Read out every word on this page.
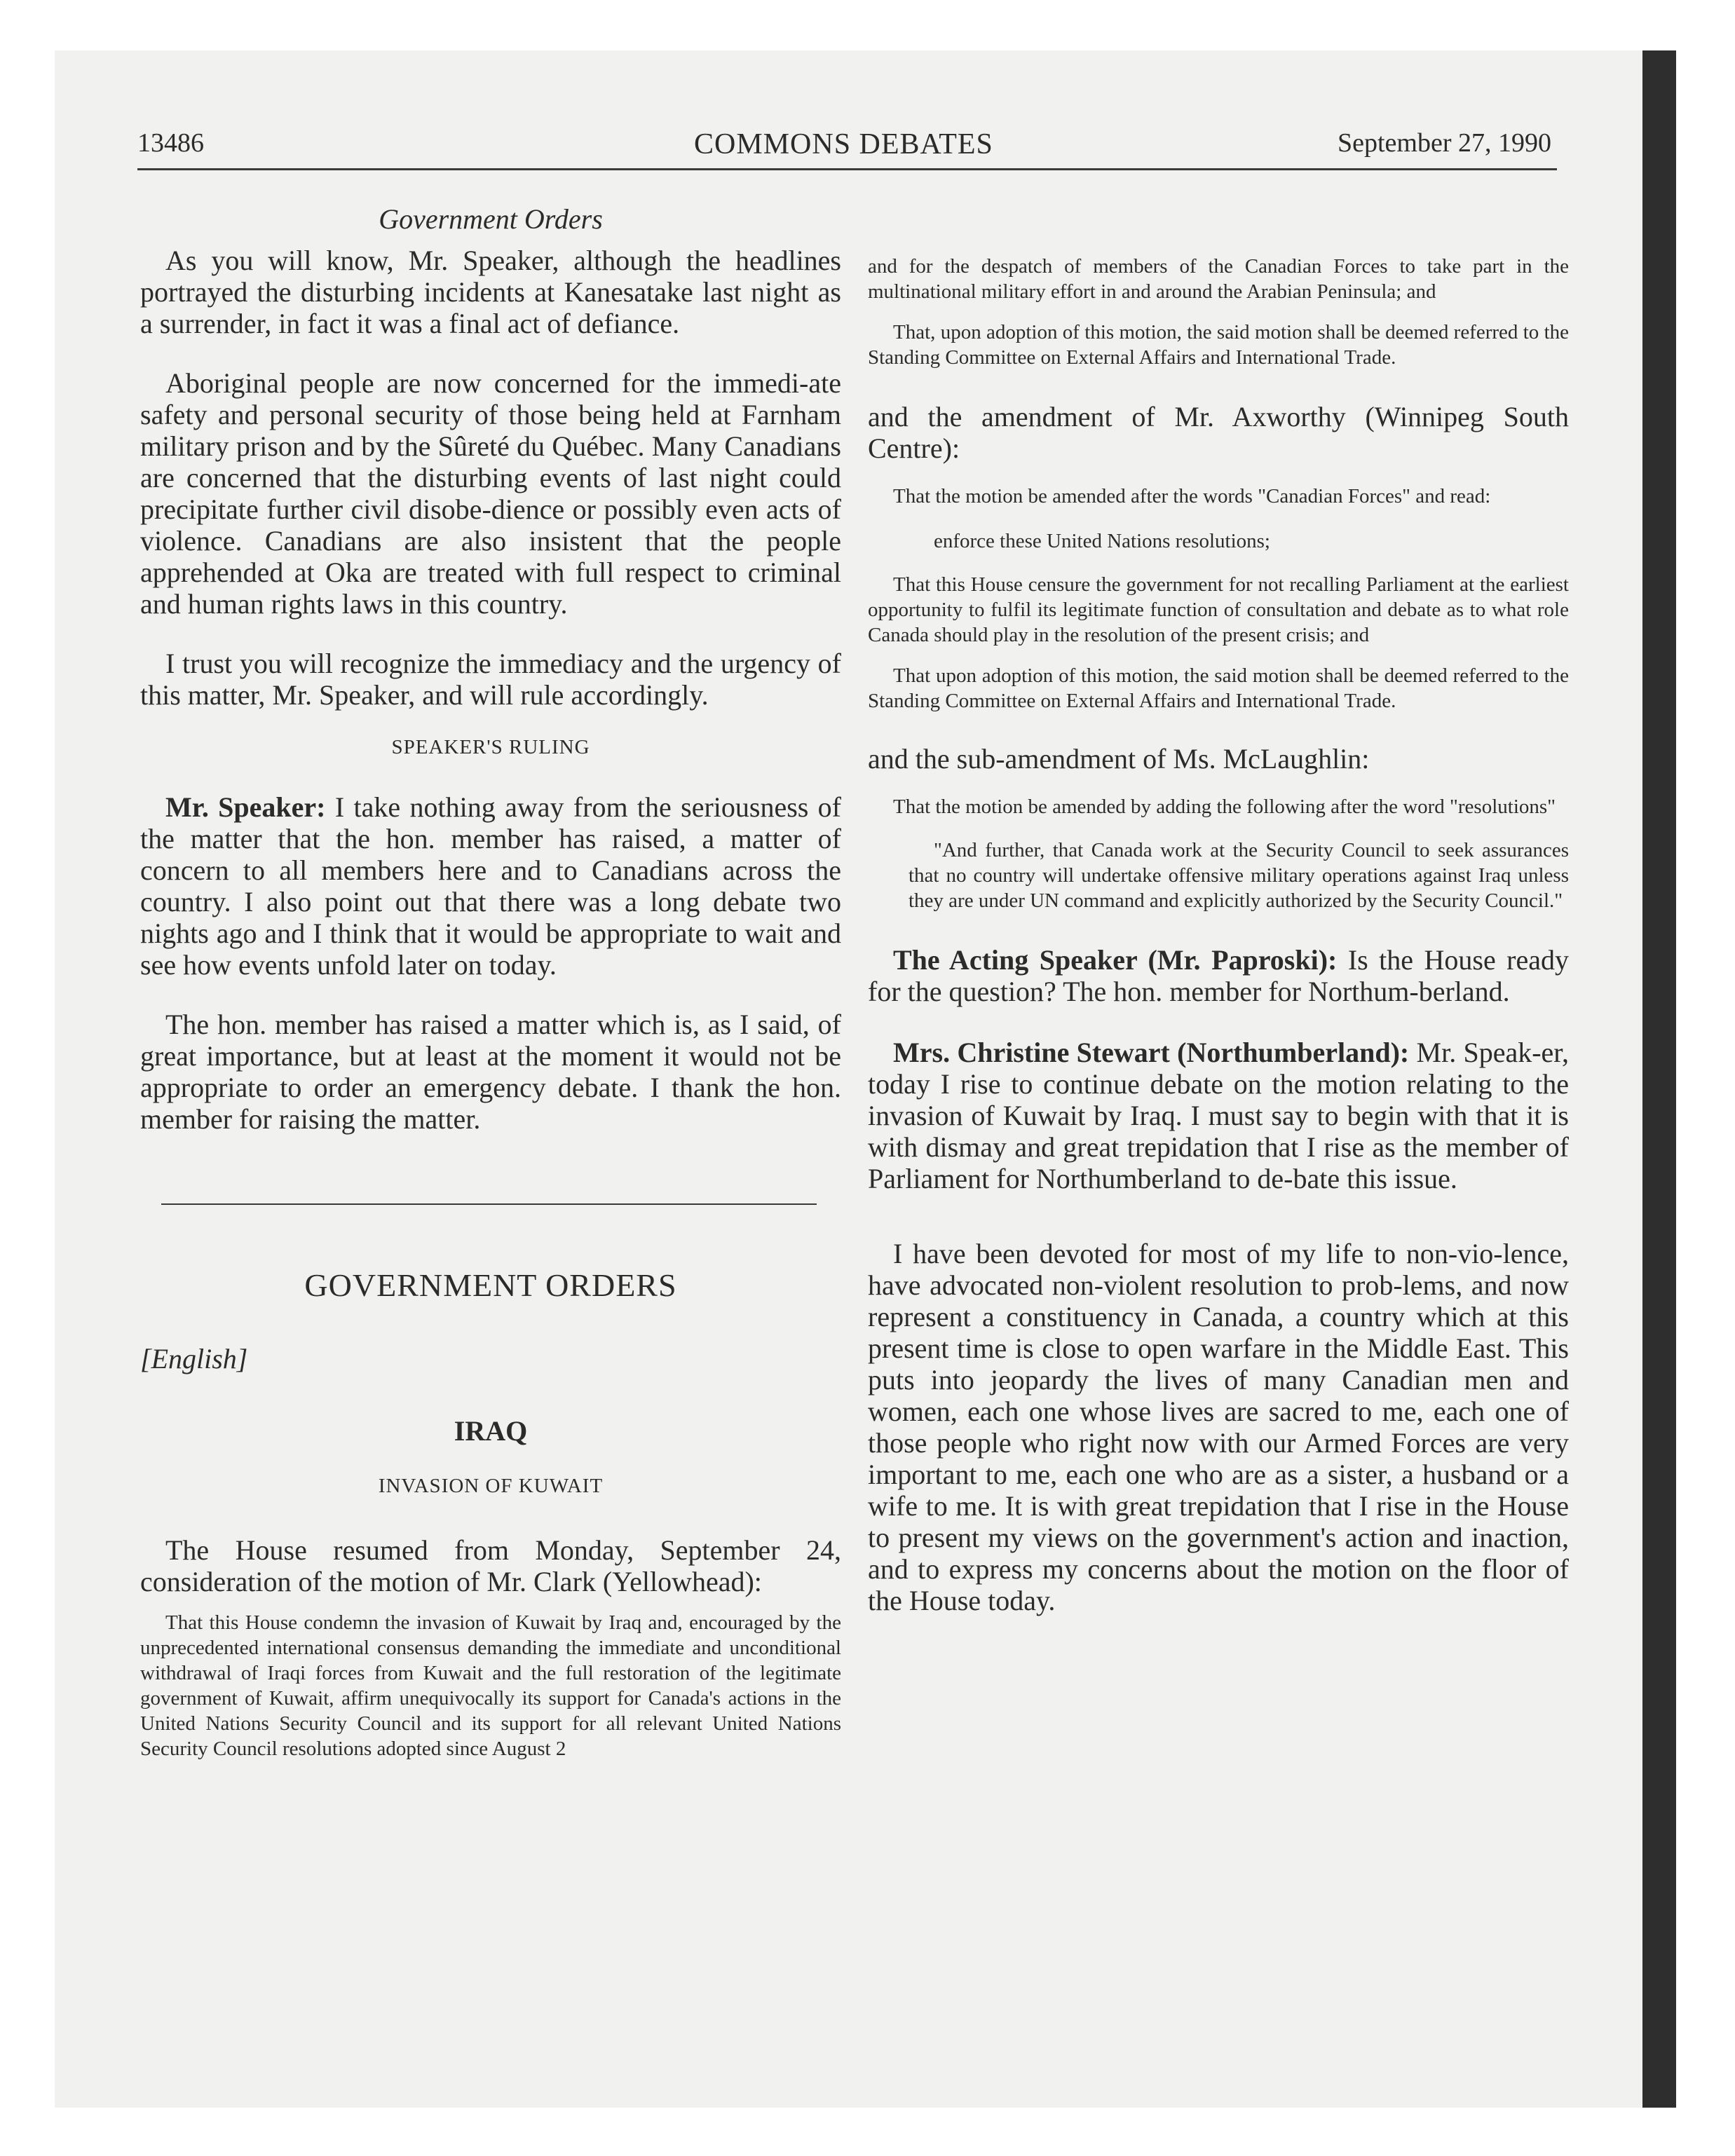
13486	COMMONS DEBATES	September 27, 1990
Government Orders

As you will know, Mr. Speaker, although the headlines portrayed the disturbing incidents at Kanesatake last night as a surrender, in fact it was a final act of defiance.

Aboriginal people are now concerned for the immedi-ate safety and personal security of those being held at Farnham military prison and by the Sûreté du Québec. Many Canadians are concerned that the disturbing events of last night could precipitate further civil disobe-dience or possibly even acts of violence. Canadians are also insistent that the people apprehended at Oka are treated with full respect to criminal and human rights laws in this country.

I trust you will recognize the immediacy and the urgency of this matter, Mr. Speaker, and will rule accordingly.

SPEAKER'S RULING

Mr. Speaker: I take nothing away from the seriousness of the matter that the hon. member has raised, a matter of concern to all members here and to Canadians across the country. I also point out that there was a long debate two nights ago and I think that it would be appropriate to wait and see how events unfold later on today.

The hon. member has raised a matter which is, as I said, of great importance, but at least at the moment it would not be appropriate to order an emergency debate. I thank the hon. member for raising the matter.

GOVERNMENT ORDERS
[English]
IRAQ
INVASION OF KUWAIT

The House resumed from Monday, September 24, consideration of the motion of Mr. Clark (Yellowhead):

That this House condemn the invasion of Kuwait by Iraq and, encouraged by the unprecedented international consensus demanding the immediate and unconditional withdrawal of Iraqi forces from Kuwait and the full restoration of the legitimate government of Kuwait, affirm unequivocally its support for Canada's actions in the United Nations Security Council and its support for all relevant United Nations Security Council resolutions adopted since August 2

and for the despatch of members of the Canadian Forces to take part in the multinational military effort in and around the Arabian Peninsula; and

That, upon adoption of this motion, the said motion shall be deemed referred to the Standing Committee on External Affairs and International Trade.

and the amendment of Mr. Axworthy (Winnipeg South Centre):

That the motion be amended after the words "Canadian Forces" and read:

enforce these United Nations resolutions;

That this House censure the government for not recalling Parliament at the earliest opportunity to fulfil its legitimate function of consultation and debate as to what role Canada should play in the resolution of the present crisis; and

That upon adoption of this motion, the said motion shall be deemed referred to the Standing Committee on External Affairs and International Trade.

and the sub-amendment of Ms. McLaughlin:

That the motion be amended by adding the following after the word "resolutions"

"And further, that Canada work at the Security Council to seek assurances that no country will undertake offensive military operations against Iraq unless they are under UN command and explicitly authorized by the Security Council."

The Acting Speaker (Mr. Paproski): Is the House ready for the question? The hon. member for Northum-berland.

Mrs. Christine Stewart (Northumberland): Mr. Speak-er, today I rise to continue debate on the motion relating to the invasion of Kuwait by Iraq. I must say to begin with that it is with dismay and great trepidation that I rise as the member of Parliament for Northumberland to de-bate this issue.

I have been devoted for most of my life to non-vio-lence, have advocated non-violent resolution to prob-lems, and now represent a constituency in Canada, a country which at this present time is close to open warfare in the Middle East. This puts into jeopardy the lives of many Canadian men and women, each one whose lives are sacred to me, each one of those people who right now with our Armed Forces are very important to me, each one who are as a sister, a husband or a wife to me. It is with great trepidation that I rise in the House to present my views on the government's action and inaction, and to express my concerns about the motion on the floor of the House today.
